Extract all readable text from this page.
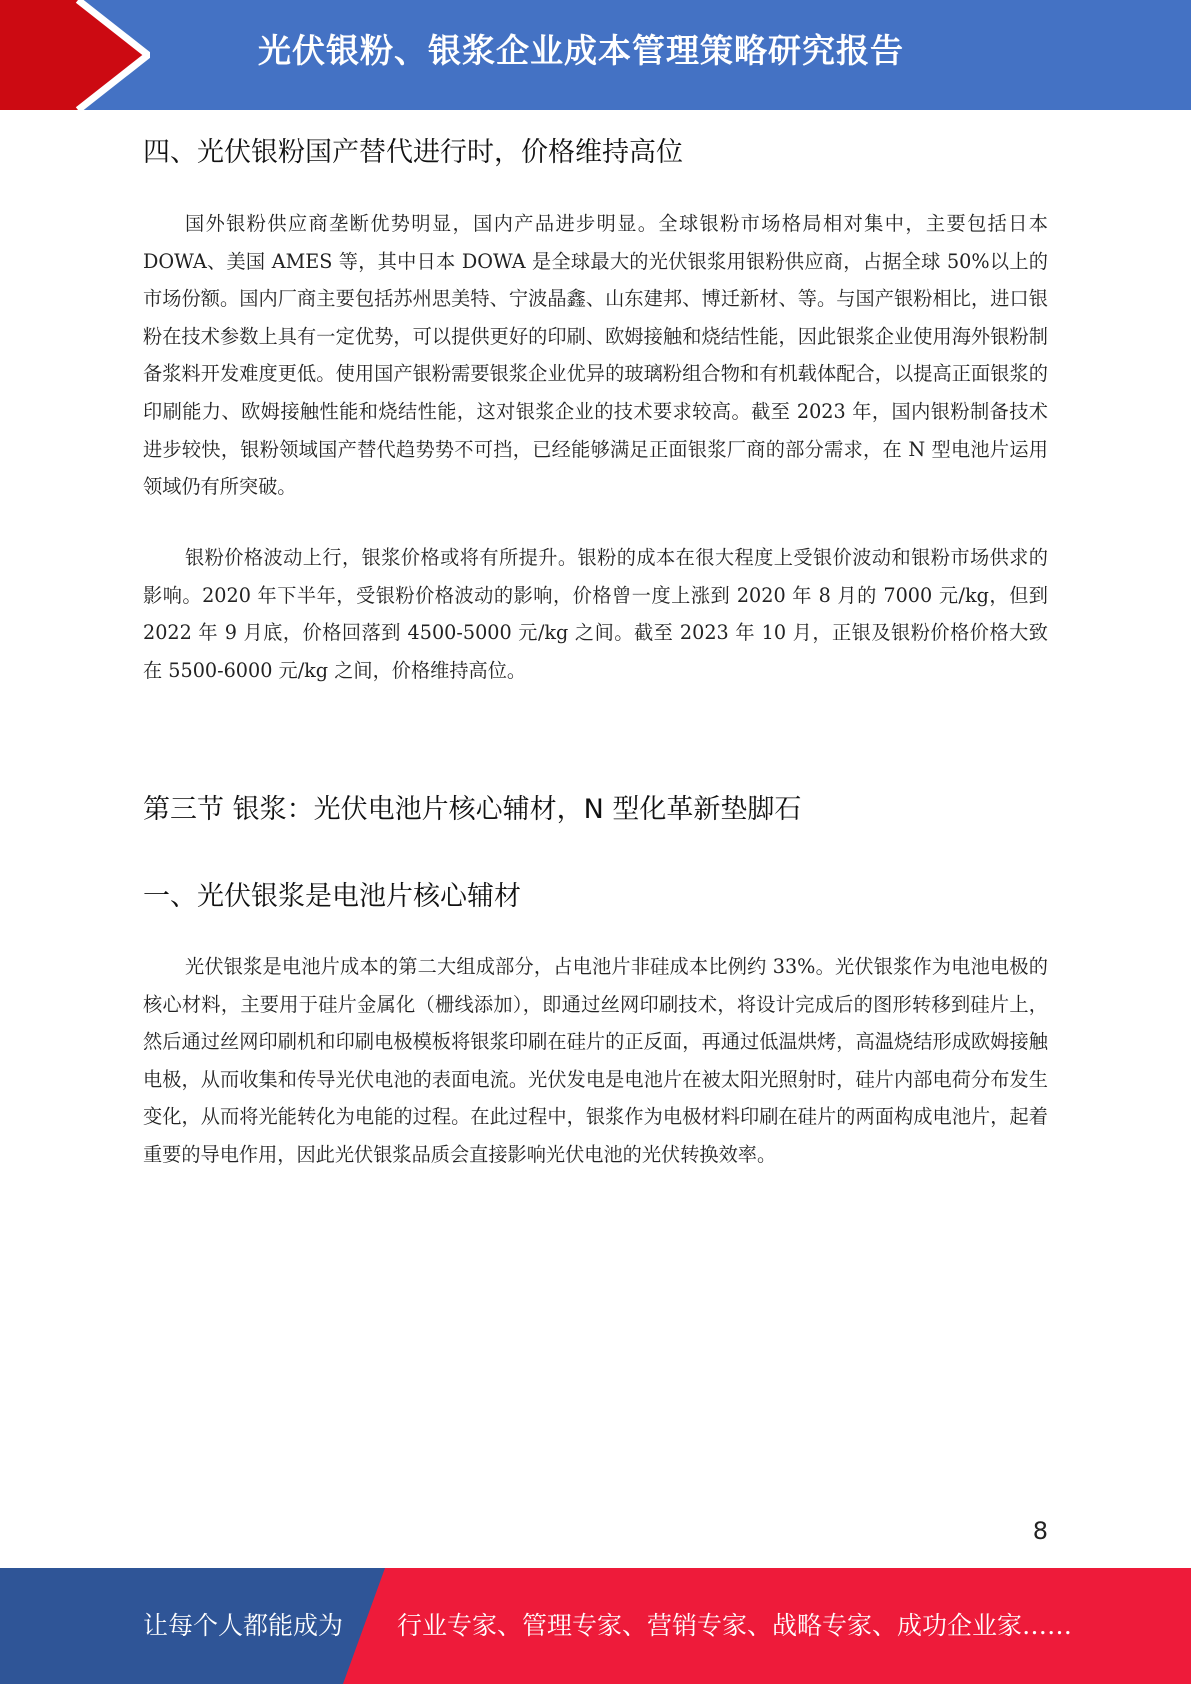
光伏银粉、银浆企业成本管理策略研究报告
四、光伏银粉国产替代进行时，价格维持高位
国外银粉供应商垄断优势明显，国内产品进步明显。全球银粉市场格局相对集中，主要包括日本 DOWA、美国 AMES 等，其中日本 DOWA 是全球最大的光伏银浆用银粉供应商，占据全球 50%以上的市场份额。国内厂商主要包括苏州思美特、宁波晶鑫、山东建邦、博迁新材、等。与国产银粉相比，进口银粉在技术参数上具有一定优势，可以提供更好的印刷、欧姆接触和烧结性能，因此银浆企业使用海外银粉制备浆料开发难度更低。使用国产银粉需要银浆企业优异的玻璃粉组合物和有机载体配合，以提高正面银浆的印刷能力、欧姆接触性能和烧结性能，这对银浆企业的技术要求较高。截至 2023 年，国内银粉制备技术进步较快，银粉领域国产替代趋势势不可挡，已经能够满足正面银浆厂商的部分需求，在 N 型电池片运用领域仍有所突破。
银粉价格波动上行，银浆价格或将有所提升。银粉的成本在很大程度上受银价波动和银粉市场供求的影响。2020 年下半年，受银粉价格波动的影响，价格曾一度上涨到 2020 年 8 月的 7000 元/kg，但到 2022 年 9 月底，价格回落到 4500-5000 元/kg 之间。截至 2023 年 10 月，正银及银粉价格价格大致在 5500-6000 元/kg 之间，价格维持高位。
第三节 银浆：光伏电池片核心辅材，N 型化革新垫脚石
一、光伏银浆是电池片核心辅材
光伏银浆是电池片成本的第二大组成部分，占电池片非硅成本比例约 33%。光伏银浆作为电池电极的核心材料，主要用于硅片金属化（栅线添加），即通过丝网印刷技术，将设计完成后的图形转移到硅片上，然后通过丝网印刷机和印刷电极模板将银浆印刷在硅片的正反面，再通过低温烘烤，高温烧结形成欧姆接触电极，从而收集和传导光伏电池的表面电流。光伏发电是电池片在被太阳光照射时，硅片内部电荷分布发生变化，从而将光能转化为电能的过程。在此过程中，银浆作为电极材料印刷在硅片的两面构成电池片，起着重要的导电作用，因此光伏银浆品质会直接影响光伏电池的光伏转换效率。
8
让每个人都能成为 行业专家、管理专家、营销专家、战略专家、成功企业家……
